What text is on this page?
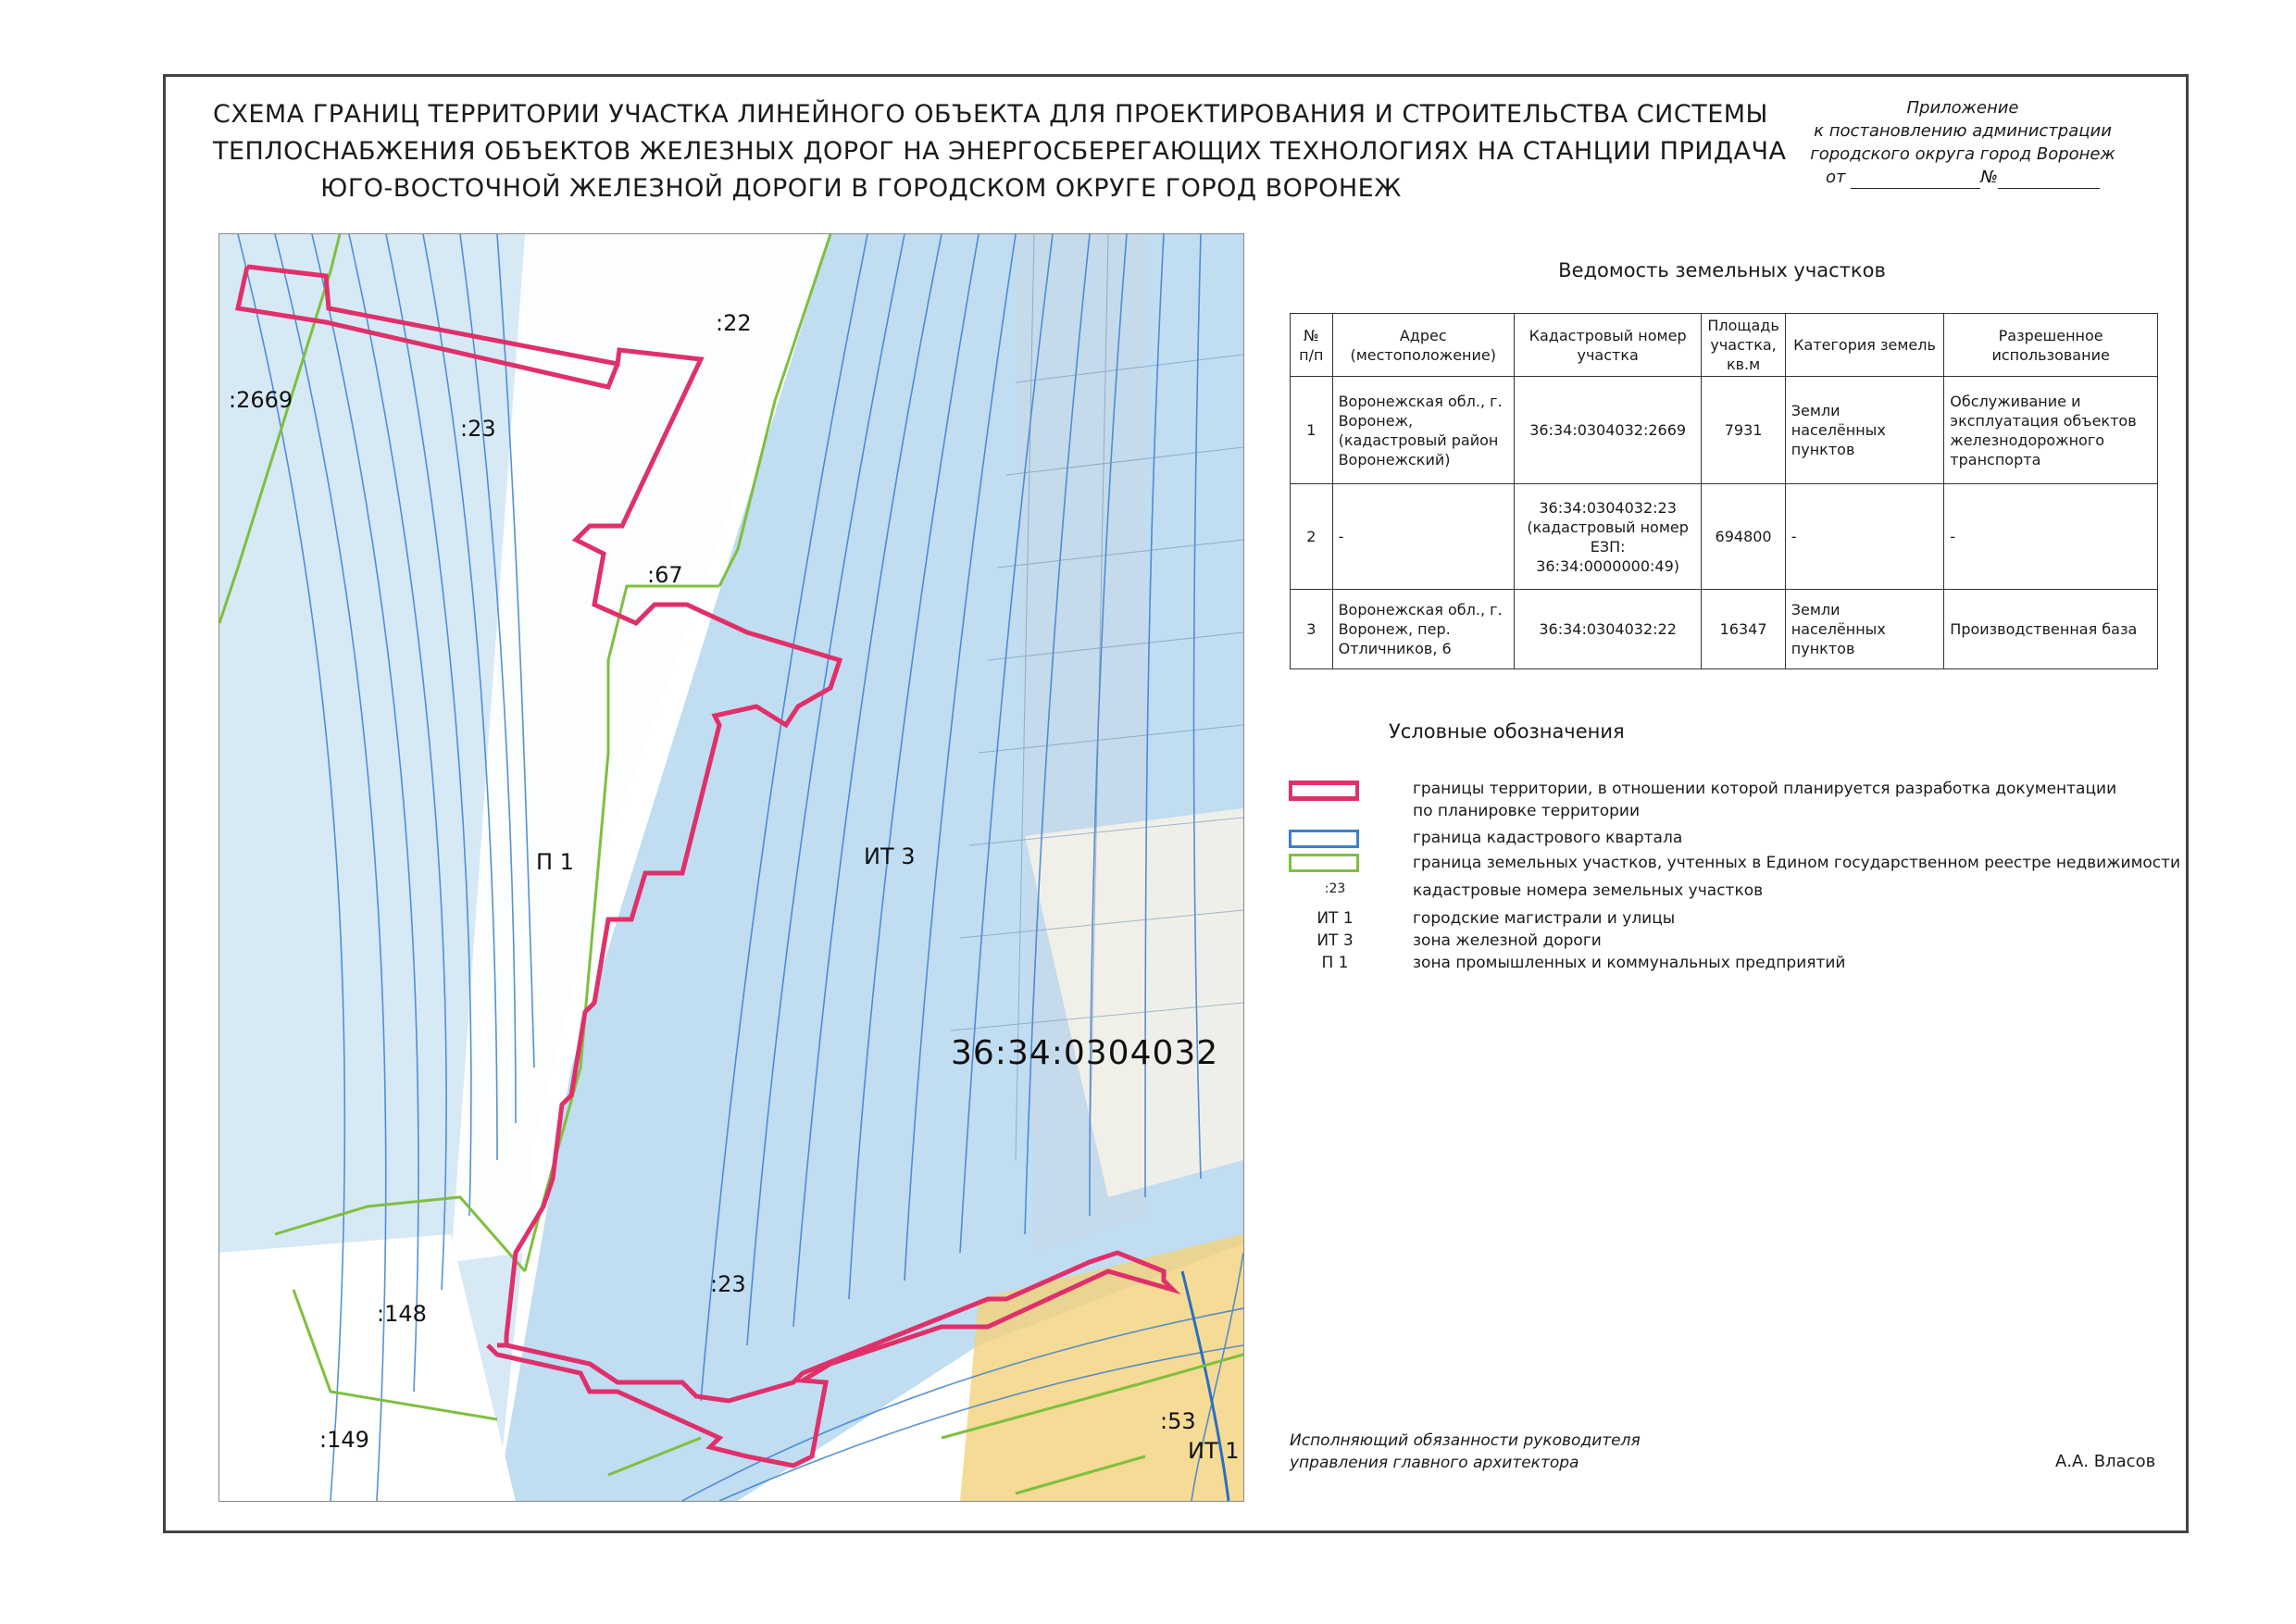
СХЕМА ГРАНИЦ ТЕРРИТОРИИ УЧАСТКА ЛИНЕЙНОГО ОБЪЕКТА ДЛЯ ПРОЕКТИРОВАНИЯ И СТРОИТЕЛЬСТВА СИСТЕМЫ
ТЕПЛОСНАБЖЕНИЯ ОБЪЕКТОВ ЖЕЛЕЗНЫХ ДОРОГ НА ЭНЕРГОСБЕРЕГАЮЩИХ ТЕХНОЛОГИЯХ НА СТАНЦИИ ПРИДАЧА
ЮГО-ВОСТОЧНОЙ ЖЕЛЕЗНОЙ ДОРОГИ В ГОРОДСКОМ ОКРУГЕ ГОРОД ВОРОНЕЖ
Приложение
к постановлению администрации
городского округа город Воронеж
от	№
:2669
:23
:22
:67
П 1	ИТ 3
36:34:0304032
:23
:148
:149
:53
ИТ 1
Ведомость земельных участков
№ п/п	Адрес (местоположение)	Кадастровый номер участка	Площадь участка, кв.м	Категория земель	Разрешенное использование
1	Воронежская обл., г. Воронеж, (кадастровый район Воронежский)	36:34:0304032:2669	7931	Земли населённых пунктов	Обслуживание и эксплуатация объектов железнодорожного транспорта
2	-	36:34:0304032:23 (кадастровый номер ЕЗП: 36:34:0000000:49)	694800	-	-
3	Воронежская обл., г. Воронеж, пер. Отличников, 6	36:34:0304032:22	16347	Земли населённых пунктов	Производственная база
Условные обозначения
границы территории, в отношении которой планируется разработка документации
по планировке территории
граница кадастрового квартала
граница земельных участков, учтенных в Едином государственном реестре недвижимости
:23	кадастровые номера земельных участков
ИТ 1	городские магистрали и улицы
ИТ 3	зона железной дороги
П 1	зона промышленных и коммунальных предприятий
Исполняющий обязанности руководителя
управления главного архитектора	А.А. Власов
